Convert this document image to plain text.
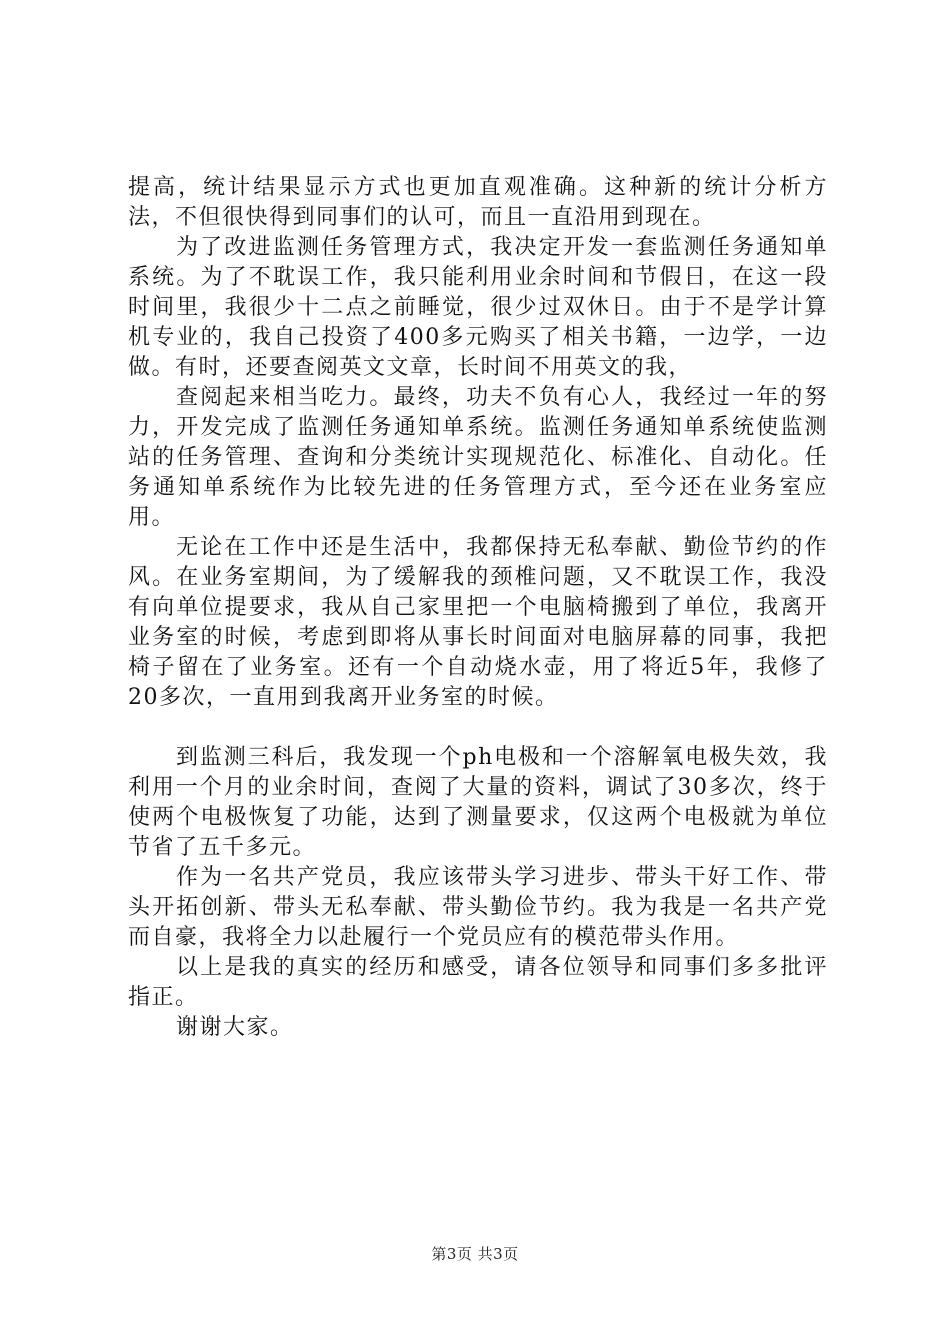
提高，统计结果显示方式也更加直观准确。这种新的统计分析方法，不但很快得到同事们的认可，而且一直沿用到现在。

为了改进监测任务管理方式，我决定开发一套监测任务通知单系统。为了不耽误工作，我只能利用业余时间和节假日，在这一段时间里，我很少十二点之前睡觉，很少过双休日。由于不是学计算机专业的，我自己投资了400多元购买了相关书籍，一边学，一边做。有时，还要查阅英文文章，长时间不用英文的我，

查阅起来相当吃力。最终，功夫不负有心人，我经过一年的努力，开发完成了监测任务通知单系统。监测任务通知单系统使监测站的任务管理、查询和分类统计实现规范化、标准化、自动化。任务通知单系统作为比较先进的任务管理方式，至今还在业务室应用。

无论在工作中还是生活中，我都保持无私奉献、勤俭节约的作风。在业务室期间，为了缓解我的颈椎问题，又不耽误工作，我没有向单位提要求，我从自己家里把一个电脑椅搬到了单位，我离开业务室的时候，考虑到即将从事长时间面对电脑屏幕的同事，我把椅子留在了业务室。还有一个自动烧水壶，用了将近5年，我修了20多次，一直用到我离开业务室的时候。

到监测三科后，我发现一个ph电极和一个溶解氧电极失效，我利用一个月的业余时间，查阅了大量的资料，调试了30多次，终于使两个电极恢复了功能，达到了测量要求，仅这两个电极就为单位节省了五千多元。

作为一名共产党员，我应该带头学习进步、带头干好工作、带头开拓创新、带头无私奉献、带头勤俭节约。我为我是一名共产党而自豪，我将全力以赴履行一个党员应有的模范带头作用。

以上是我的真实的经历和感受，请各位领导和同事们多多批评指正。

谢谢大家。

第3页 共3页
